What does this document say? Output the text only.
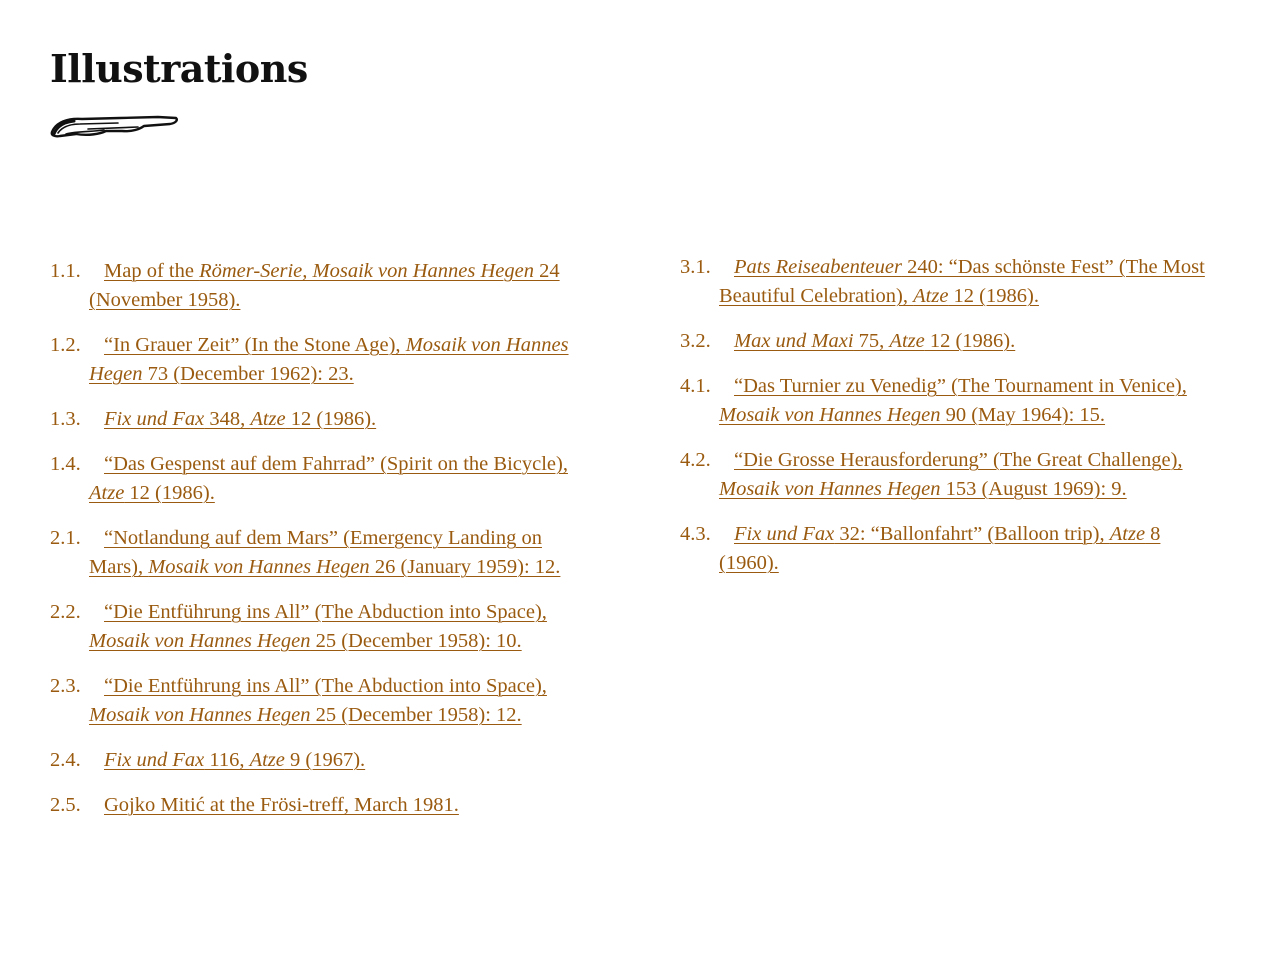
Illustrations
1.1. Map of the Römer-Serie, Mosaik von Hannes Hegen 24 (November 1958).
1.2. “In Grauer Zeit” (In the Stone Age), Mosaik von Hannes Hegen 73 (December 1962): 23.
1.3. Fix und Fax 348, Atze 12 (1986).
1.4. “Das Gespenst auf dem Fahrrad” (Spirit on the Bicycle), Atze 12 (1986).
2.1. “Notlandung auf dem Mars” (Emergency Landing on Mars), Mosaik von Hannes Hegen 26 (January 1959): 12.
2.2. “Die Entführung ins All” (The Abduction into Space), Mosaik von Hannes Hegen 25 (December 1958): 10.
2.3. “Die Entführung ins All” (The Abduction into Space), Mosaik von Hannes Hegen 25 (December 1958): 12.
2.4. Fix und Fax 116, Atze 9 (1967).
2.5. Gojko Mitić at the Frösi-treff, March 1981.
3.1. Pats Reiseabenteuer 240: “Das schönste Fest” (The Most Beautiful Celebration), Atze 12 (1986).
3.2. Max und Maxi 75, Atze 12 (1986).
4.1. “Das Turnier zu Venedig” (The Tournament in Venice), Mosaik von Hannes Hegen 90 (May 1964): 15.
4.2. “Die Grosse Herausforderung” (The Great Challenge), Mosaik von Hannes Hegen 153 (August 1969): 9.
4.3. Fix und Fax 32: “Ballonfahrt” (Balloon trip), Atze 8 (1960).
